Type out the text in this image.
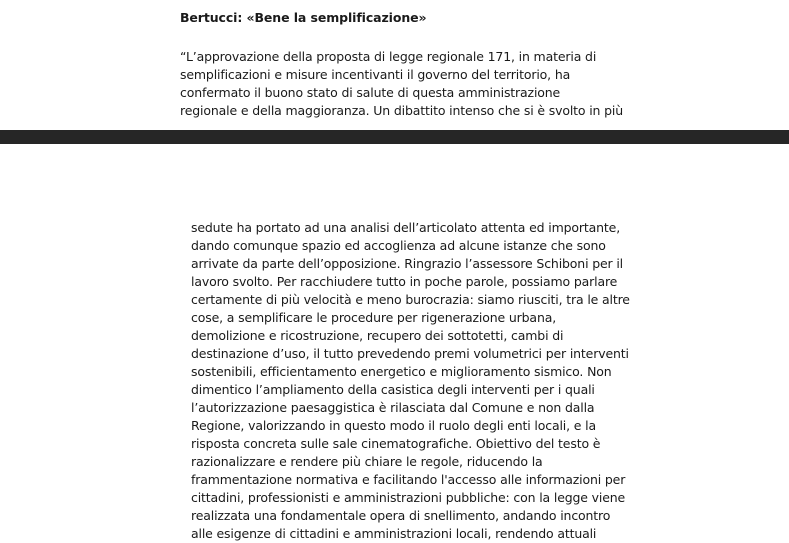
Bertucci: «Bene la semplificazione»
“L’approvazione della proposta di legge regionale 171, in materia di
semplificazioni e misure incentivanti il governo del territorio, ha
confermato il buono stato di salute di questa amministrazione
regionale e della maggioranza. Un dibattito intenso che si è svolto in più
sedute ha portato ad una analisi dell’articolato attenta ed importante,
dando comunque spazio ed accoglienza ad alcune istanze che sono
arrivate da parte dell’opposizione. Ringrazio l’assessore Schiboni per il
lavoro svolto. Per racchiudere tutto in poche parole, possiamo parlare
certamente di più velocità e meno burocrazia: siamo riusciti, tra le altre
cose, a semplificare le procedure per rigenerazione urbana,
demolizione e ricostruzione, recupero dei sottotetti, cambi di
destinazione d’uso, il tutto prevedendo premi volumetrici per interventi
sostenibili, efficientamento energetico e miglioramento sismico. Non
dimentico l’ampliamento della casistica degli interventi per i quali
l’autorizzazione paesaggistica è rilasciata dal Comune e non dalla
Regione, valorizzando in questo modo il ruolo degli enti locali, e la
risposta concreta sulle sale cinematografiche. Obiettivo del testo è
razionalizzare e rendere più chiare le regole, riducendo la
frammentazione normativa e facilitando l'accesso alle informazioni per
cittadini, professionisti e amministrazioni pubbliche: con la legge viene
realizzata una fondamentale opera di snellimento, andando incontro
alle esigenze di cittadini e amministrazioni locali, rendendo attuali
